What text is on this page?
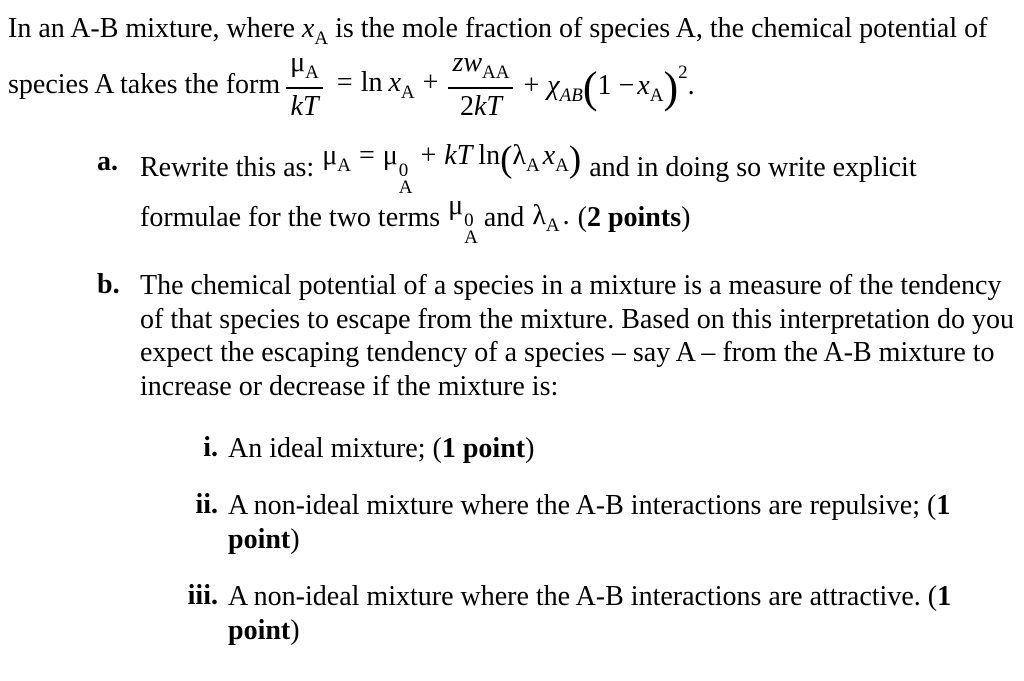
In an A-B mixture, where $x_A$ is the mole fraction of species A, the chemical potential of
species A takes the form $\frac{\mu_A}{kT} = \ln x_A + \frac{zw_{AA}}{2kT} + \chi_{AB}(1 - x_A)^2$.
a. Rewrite this as: $\mu_A = \mu$ 0
A
+ kT $\ln(\lambda_A$ $x_A$) and in doing so write explicit
formulae for the two terms μ 0
A
and $\lambda_A$ . (2 points)
b. The chemical potential of a species in a mixture is a measure of the tendency
of that species to escape from the mixture. Based on this interpretation do you
expect the escaping tendency of a species – say A – from the A-B mixture to
increase or decrease if the mixture is:
i. An ideal mixture; (1 point)
ii. A non-ideal mixture where the A-B interactions are repulsive; (1
point)
iii. A non-ideal mixture where the A-B interactions are attractive. (1
point)
